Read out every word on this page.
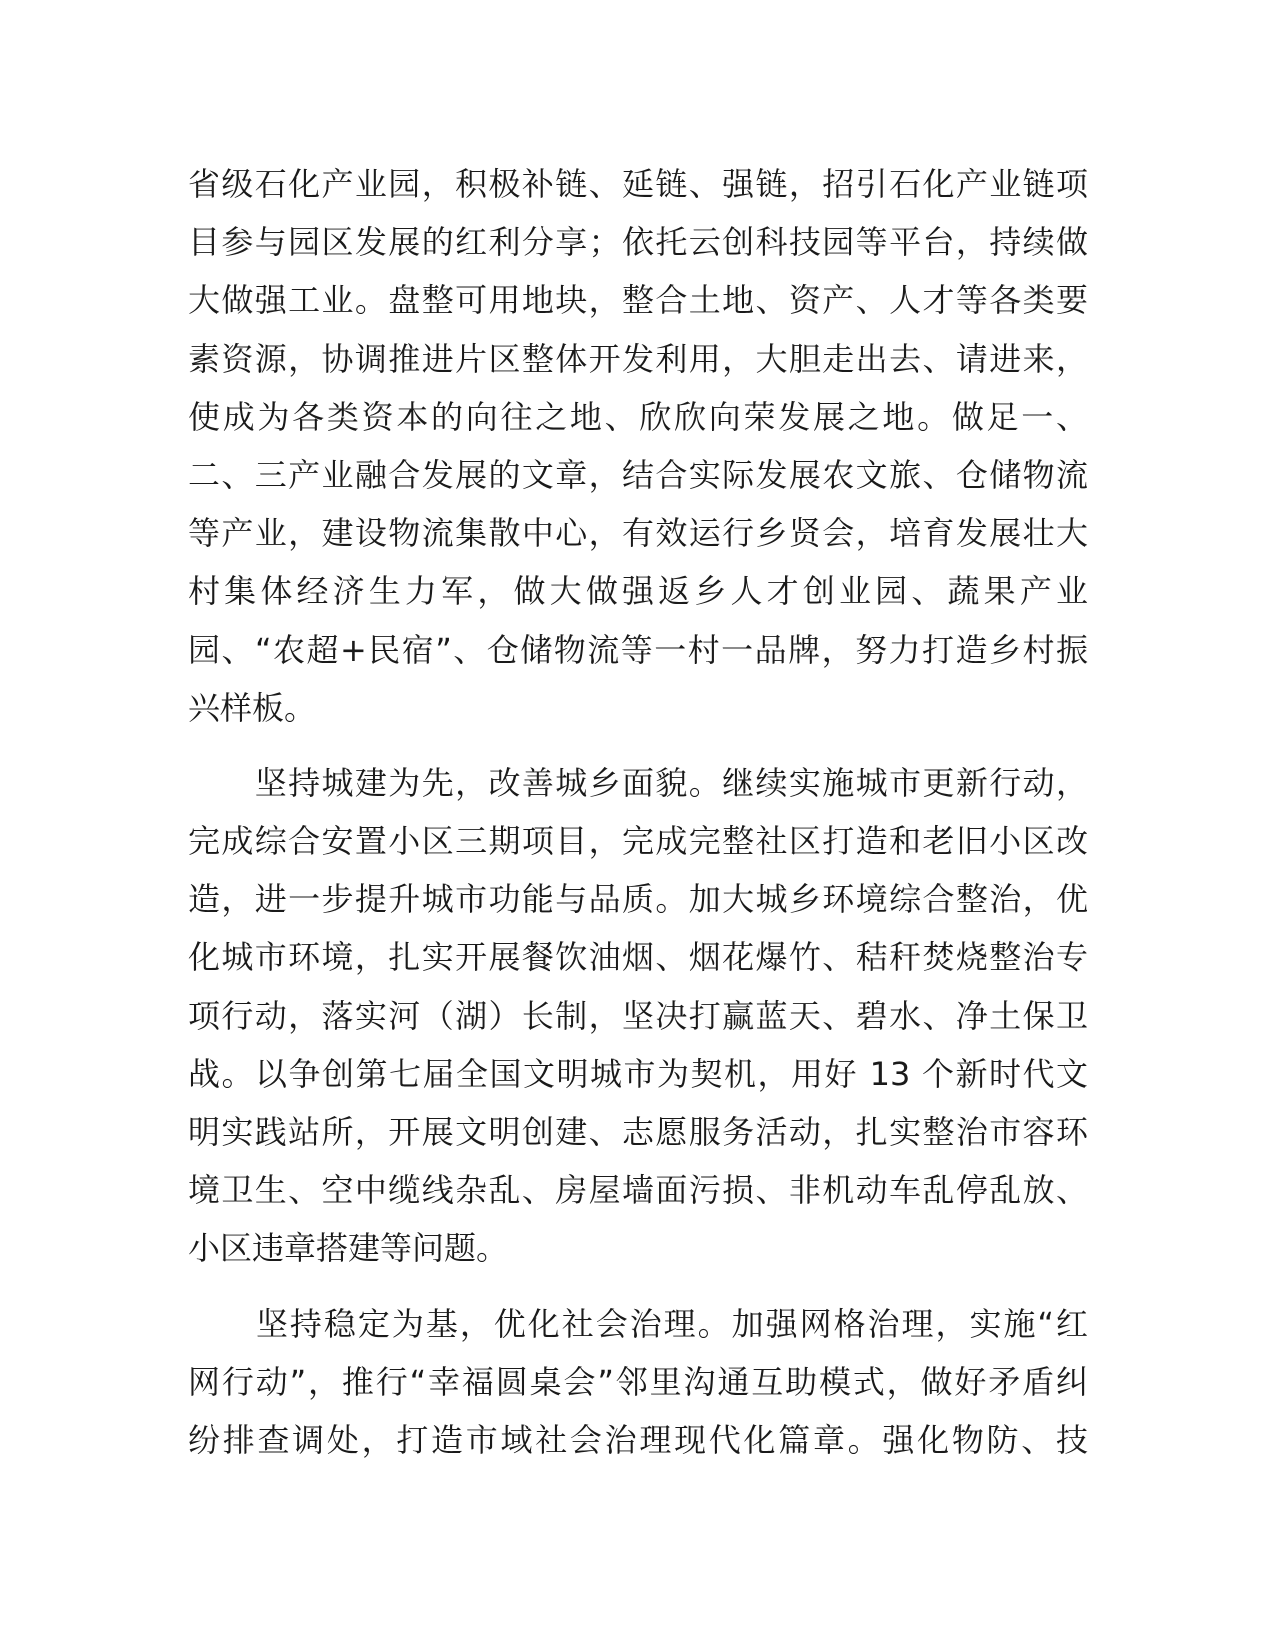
省级石化产业园，积极补链、延链、强链，招引石化产业链项
目参与园区发展的红利分享；依托云创科技园等平台，持续做
大做强工业。盘整可用地块，整合土地、资产、人才等各类要
素资源，协调推进片区整体开发利用，大胆走出去、请进来，
使成为各类资本的向往之地、欣欣向荣发展之地。做足一、
二、三产业融合发展的文章，结合实际发展农文旅、仓储物流
等产业，建设物流集散中心，有效运行乡贤会，培育发展壮大
村集体经济生力军，做大做强返乡人才创业园、蔬果产业
园、“农超+民宿”、仓储物流等一村一品牌，努力打造乡村振
兴样板。
　　坚持城建为先，改善城乡面貌。继续实施城市更新行动，
完成综合安置小区三期项目，完成完整社区打造和老旧小区改
造，进一步提升城市功能与品质。加大城乡环境综合整治，优
化城市环境，扎实开展餐饮油烟、烟花爆竹、秸秆焚烧整治专
项行动，落实河（湖）长制，坚决打赢蓝天、碧水、净土保卫
战。以争创第七届全国文明城市为契机，用好 13 个新时代文
明实践站所，开展文明创建、志愿服务活动，扎实整治市容环
境卫生、空中缆线杂乱、房屋墙面污损、非机动车乱停乱放、
小区违章搭建等问题。
　　坚持稳定为基，优化社会治理。加强网格治理，实施“红
网行动”，推行“幸福圆桌会”邻里沟通互助模式，做好矛盾纠
纷排查调处，打造市域社会治理现代化篇章。强化物防、技
